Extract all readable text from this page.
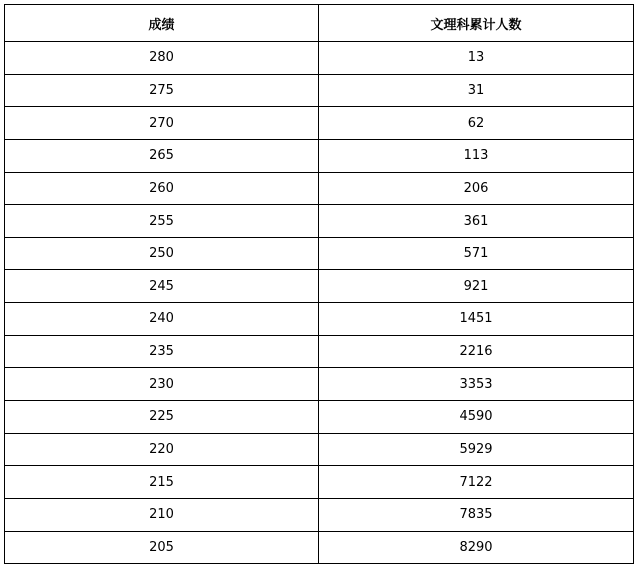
成绩	文理科累计人数
280	13
275	31
270	62
265	113
260	206
255	361
250	571
245	921
240	1451
235	2216
230	3353
225	4590
220	5929
215	7122
210	7835
205	8290
